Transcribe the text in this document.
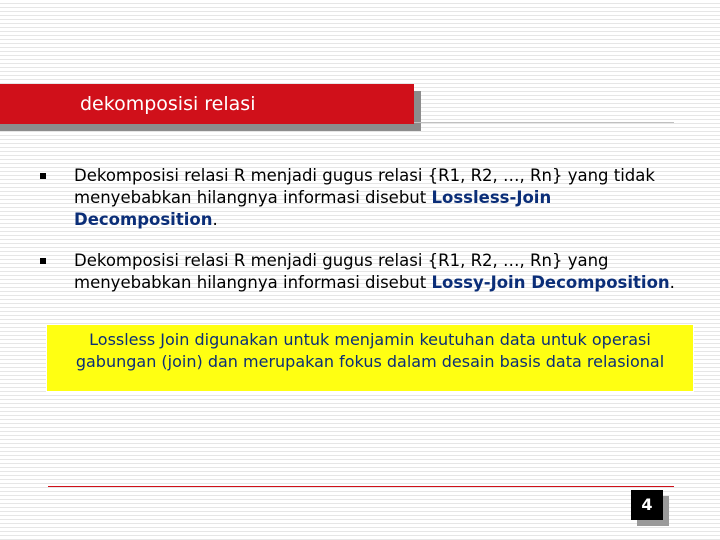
dekomposisi relasi
Dekomposisi relasi R menjadi gugus relasi {R1, R2, …, Rn} yang tidak menyebabkan hilangnya informasi disebut Lossless-Join Decomposition.
Dekomposisi relasi R menjadi gugus relasi {R1, R2, …, Rn} yang menyebabkan hilangnya informasi disebut Lossy-Join Decomposition.
Lossless Join digunakan untuk menjamin keutuhan data untuk operasi gabungan (join) dan merupakan fokus dalam desain basis data relasional
4
